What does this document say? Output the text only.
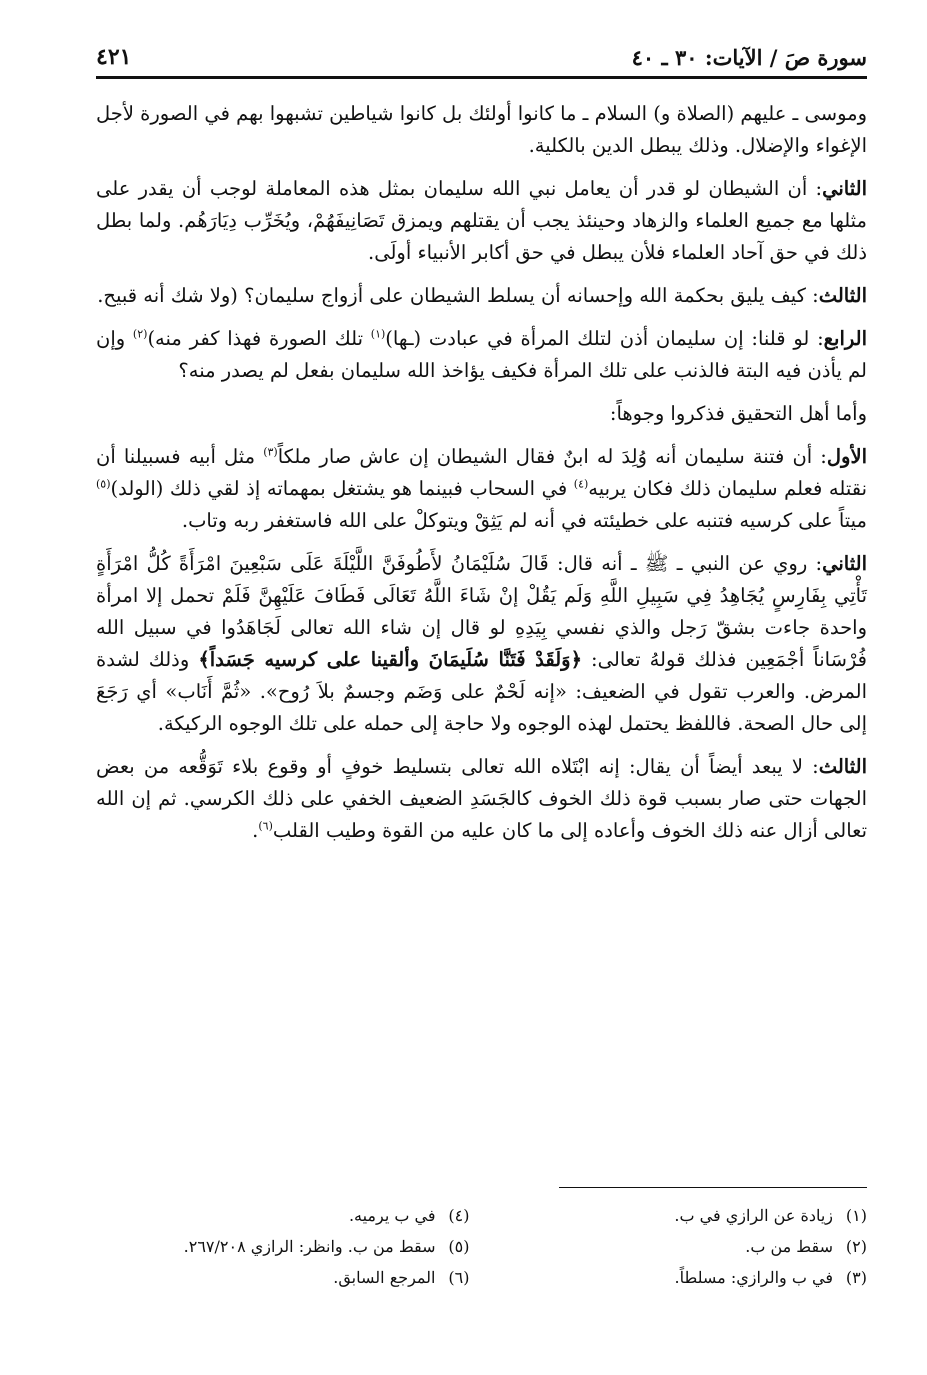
سورة صَ / الآيات: ٣٠ ـ ٤٠
٤٢١

وموسى ـ عليهم (الصلاة و) السلام ـ ما كانوا أولئك بل كانوا شياطين تشبهوا بهم في الصورة لأجل الإغواء والإضلال. وذلك يبطل الدين بالكلية.

الثاني: أن الشيطان لو قدر أن يعامل نبي الله سليمان بمثل هذه المعاملة لوجب أن يقدر على مثلها مع جميع العلماء والزهاد وحينئذ يجب أن يقتلهم ويمزق تَصَانِيفَهُمْ، ويُخَرِّب دِيَارَهُم. ولما بطل ذلك في حق آحاد العلماء فلأن يبطل في حق أكابر الأنبياء أولَى.

الثالث: كيف يليق بحكمة الله وإحسانه أن يسلط الشيطان على أزواج سليمان؟ (ولا شك أنه قبيح.

الرابع: لو قلنا: إن سليمان أذن لتلك المرأة في عبادت (ـها)$^{(١)}$ تلك الصورة فهذا كفر منه)$^{(٢)}$ وإن لم يأذن فيه البتة فالذنب على تلك المرأة فكيف يؤاخذ الله سليمان بفعل لم يصدر منه؟

وأما أهل التحقيق فذكروا وجوهاً:

الأول: أن فتنة سليمان أنه وُلِدَ له ابنٌ فقال الشيطان إن عاش صار ملكاً$^{(٣)}$ مثل أبيه فسبيلنا أن نقتله فعلم سليمان ذلك فكان يربيه$^{(٤)}$ في السحاب فبينما هو يشتغل بمهماته إذ لقي ذلك (الولد)$^{(٥)}$ ميتاً على كرسيه فتنبه على خطيئته في أنه لم يَثِقْ ويتوكلْ على الله فاستغفر ربه وتاب.

الثاني: روي عن النبي ـ ﷺ ـ أنه قال: قَالَ سُلَيْمَانُ لأَطُوفَنَّ اللَّيْلَةَ عَلَى سَبْعِينَ امْرَأَةً كُلُّ امْرَأَةٍ تَأْتِي بِفَارِسٍ يُجَاهِدُ فِي سَبِيلِ اللَّهِ وَلَم يَقُلْ إنْ شَاءَ اللَّهُ تَعَالَى فَطَافَ عَلَيْهِنَّ فَلَمْ تحمل إلا امرأة واحدة جاءت بشقّ رَجل والذي نفسي بِيَدِهِ لو قال إن شاء الله تعالى لَجَاهَدُوا في سبيل الله فُرْسَاناً أجْمَعِين فذلك قولهُ تعالى: ﴿وَلَقَدْ فَتَنَّا سُلَيمَانَ وألقينا على كرسيه جَسَداً﴾ وذلك لشدة المرض. والعرب تقول في الضعيف: «إنه لَحْمٌ على وَضَم وجسمٌ بلاَ رُوح». «ثُمَّ أَنَاب» أي رَجَعَ إلى حال الصحة. فاللفظ يحتمل لهذه الوجوه ولا حاجة إلى حمله على تلك الوجوه الركيكة.

الثالث: لا يبعد أيضاً أن يقال: إنه ابْتَلاه الله تعالى بتسليط خوفٍ أو وقوع بلاء تَوَقُّعه من بعض الجهات حتى صار بسبب قوة ذلك الخوف كالجَسَدِ الضعيف الخفي على ذلك الكرسي. ثم إن الله تعالى أزال عنه ذلك الخوف وأعاده إلى ما كان عليه من القوة وطيب القلب$^{(٦)}$.

(١)زيادة عن الرازي في ب.
(٤)في ب يرميه.
(٢)سقط من ب.
(٥)سقط من ب. وانظر: الرازي ٢٦٧/٢٠٨.
(٣)في ب والرازي: مسلطاً.
(٦)المرجع السابق.
